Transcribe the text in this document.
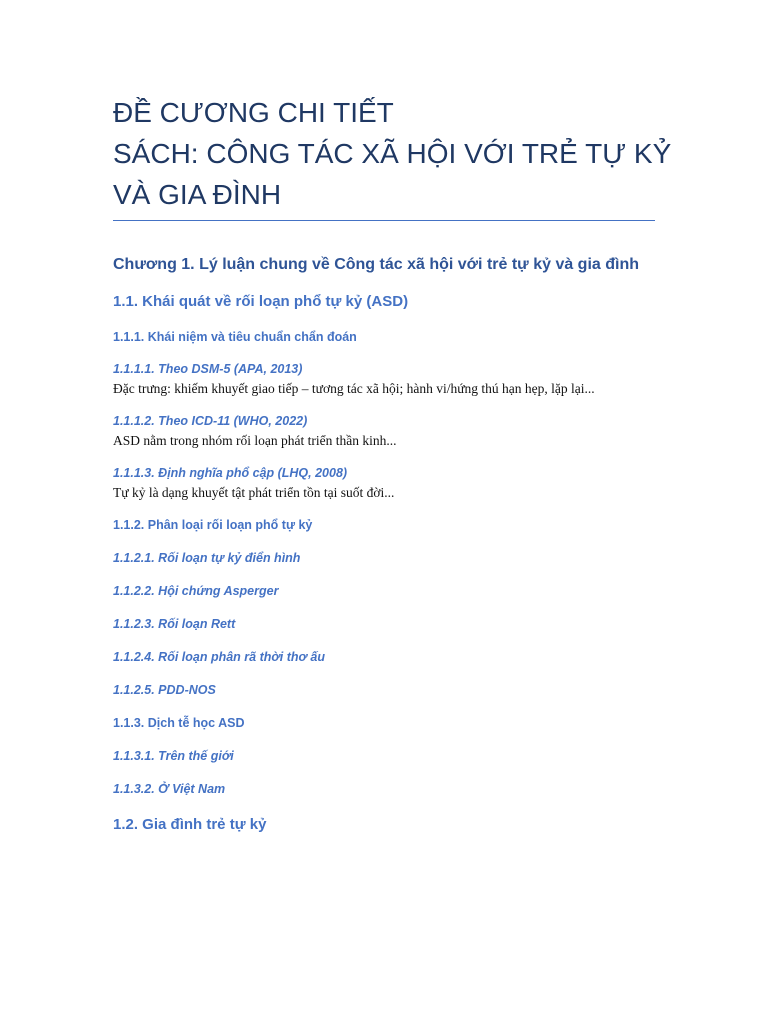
ĐỀ CƯƠNG CHI TIẾT
SÁCH: CÔNG TÁC XÃ HỘI VỚI TRẺ TỰ KỶ
VÀ GIA ĐÌNH
Chương 1. Lý luận chung về Công tác xã hội với trẻ tự kỷ và gia đình
1.1. Khái quát về rối loạn phổ tự kỷ (ASD)
1.1.1. Khái niệm và tiêu chuẩn chẩn đoán
1.1.1.1. Theo DSM-5 (APA, 2013)

Đặc trưng: khiếm khuyết giao tiếp – tương tác xã hội; hành vi/hứng thú hạn hẹp, lặp lại...

1.1.1.2. Theo ICD-11 (WHO, 2022)

ASD nằm trong nhóm rối loạn phát triển thần kinh...

1.1.1.3. Định nghĩa phổ cập (LHQ, 2008)

Tự kỷ là dạng khuyết tật phát triển tồn tại suốt đời...

1.1.2. Phân loại rối loạn phổ tự kỷ
1.1.2.1. Rối loạn tự kỷ điển hình
1.1.2.2. Hội chứng Asperger
1.1.2.3. Rối loạn Rett
1.1.2.4. Rối loạn phân rã thời thơ ấu
1.1.2.5. PDD-NOS
1.1.3. Dịch tễ học ASD
1.1.3.1. Trên thế giới
1.1.3.2. Ở Việt Nam
1.2. Gia đình trẻ tự kỷ
